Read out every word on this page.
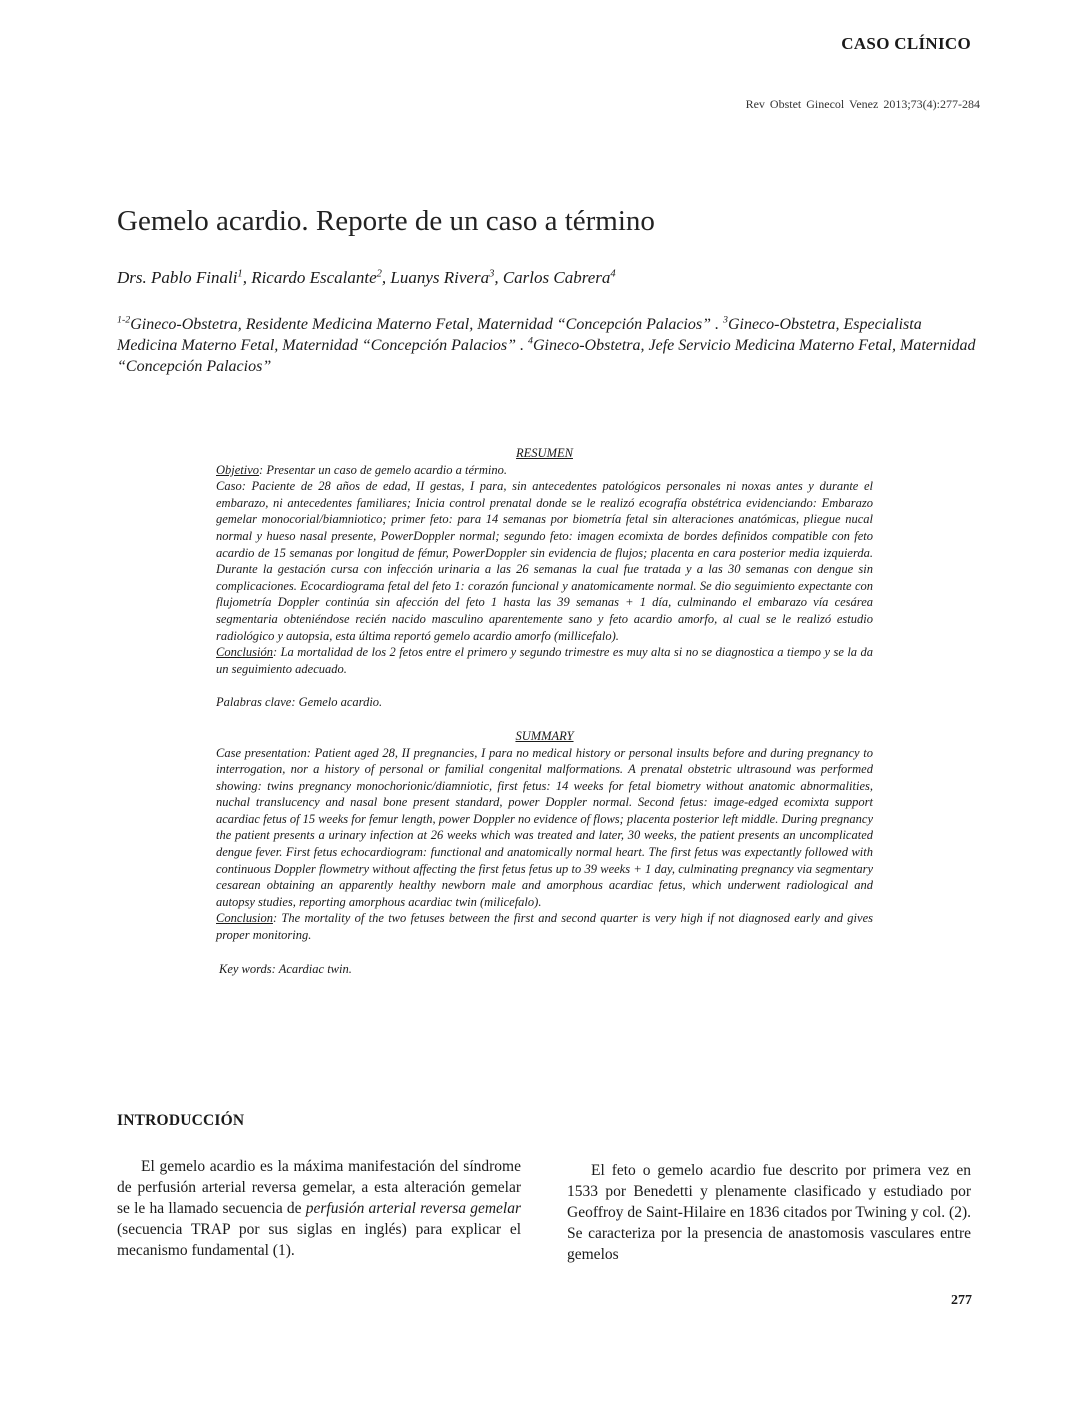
CASO CLÍNICO
Rev Obstet Ginecol Venez 2013;73(4):277-284
Gemelo acardio. Reporte de un caso a término
Drs. Pablo Finali$^1$, Ricardo Escalante$^2$, Luanys Rivera$^3$, Carlos Cabrera$^4$
$^{1-2}$Gineco-Obstetra, Residente Medicina Materno Fetal, Maternidad “Concepción Palacios” . $^3$Gineco-Obstetra, Especialista Medicina Materno Fetal, Maternidad “Concepción Palacios” . $^4$Gineco-Obstetra, Jefe Servicio Medicina Materno Fetal, Maternidad “Concepción Palacios”

RESUMEN

Objetivo: Presentar un caso de gemelo acardio a término.

Caso: Paciente de 28 años de edad, II gestas, I para, sin antecedentes patológicos personales ni noxas antes y durante el embarazo, ni antecedentes familiares; Inicia control prenatal donde se le realizó ecografía obstétrica evidenciando: Embarazo gemelar monocorial/biamniotico; primer feto: para 14 semanas por biometría fetal sin alteraciones anatómicas, pliegue nucal normal y hueso nasal presente, PowerDoppler normal; segundo feto: imagen ecomixta de bordes definidos compatible con feto acardio de 15 semanas por longitud de fémur, PowerDoppler sin evidencia de flujos; placenta en cara posterior media izquierda. Durante la gestación cursa con infección urinaria a las 26 semanas la cual fue tratada y a las 30 semanas con dengue sin complicaciones. Ecocardiograma fetal del feto 1: corazón funcional y anatomicamente normal. Se dio seguimiento expectante con flujometría Doppler continúa sin afección del feto 1 hasta las 39 semanas + 1 día, culminando el embarazo vía cesárea segmentaria obteniéndose recién nacido masculino aparentemente sano y feto acardio amorfo, al cual se le realizó estudio radiológico y autopsia, esta última reportó gemelo acardio amorfo (millicefalo).

Conclusión: La mortalidad de los 2 fetos entre el primero y segundo trimestre es muy alta si no se diagnostica a tiempo y se la da un seguimiento adecuado.

Palabras clave: Gemelo acardio.

SUMMARY

Case presentation: Patient aged 28, II pregnancies, I para no medical history or personal insults before and during pregnancy to interrogation, nor a history of personal or familial congenital malformations. A prenatal obstetric ultrasound was performed showing: twins pregnancy monochorionic/diamniotic, first fetus: 14 weeks for fetal biometry without anatomic abnormalities, nuchal translucency and nasal bone present standard, power Doppler normal. Second fetus: image-edged ecomixta support acardiac fetus of 15 weeks for femur length, power Doppler no evidence of flows; placenta posterior left middle. During pregnancy the patient presents a urinary infection at 26 weeks which was treated and later, 30 weeks, the patient presents an uncomplicated dengue fever. First fetus echocardiogram: functional and anatomically normal heart. The first fetus was expectantly followed with continuous Doppler flowmetry without affecting the first fetus fetus up to 39 weeks + 1 day, culminating pregnancy via segmentary cesarean obtaining an apparently healthy newborn male and amorphous acardiac fetus, which underwent radiological and autopsy studies, reporting amorphous acardiac twin (milicefalo).

Conclusion: The mortality of the two fetuses between the first and second quarter is very high if not diagnosed early and gives proper monitoring.

Key words: Acardiac twin.

INTRODUCCIÓN

El gemelo acardio es la máxima manifestación del síndrome de perfusión arterial reversa gemelar, a esta alteración gemelar se le ha llamado secuencia de perfusión arterial reversa gemelar (secuencia TRAP por sus siglas en inglés) para explicar el mecanismo fundamental (1).

El feto o gemelo acardio fue descrito por primera vez en 1533 por Benedetti y plenamente clasificado y estudiado por Geoffroy de Saint-Hilaire en 1836 citados por Twining y col. (2). Se caracteriza por la presencia de anastomosis vasculares entre gemelos

277
